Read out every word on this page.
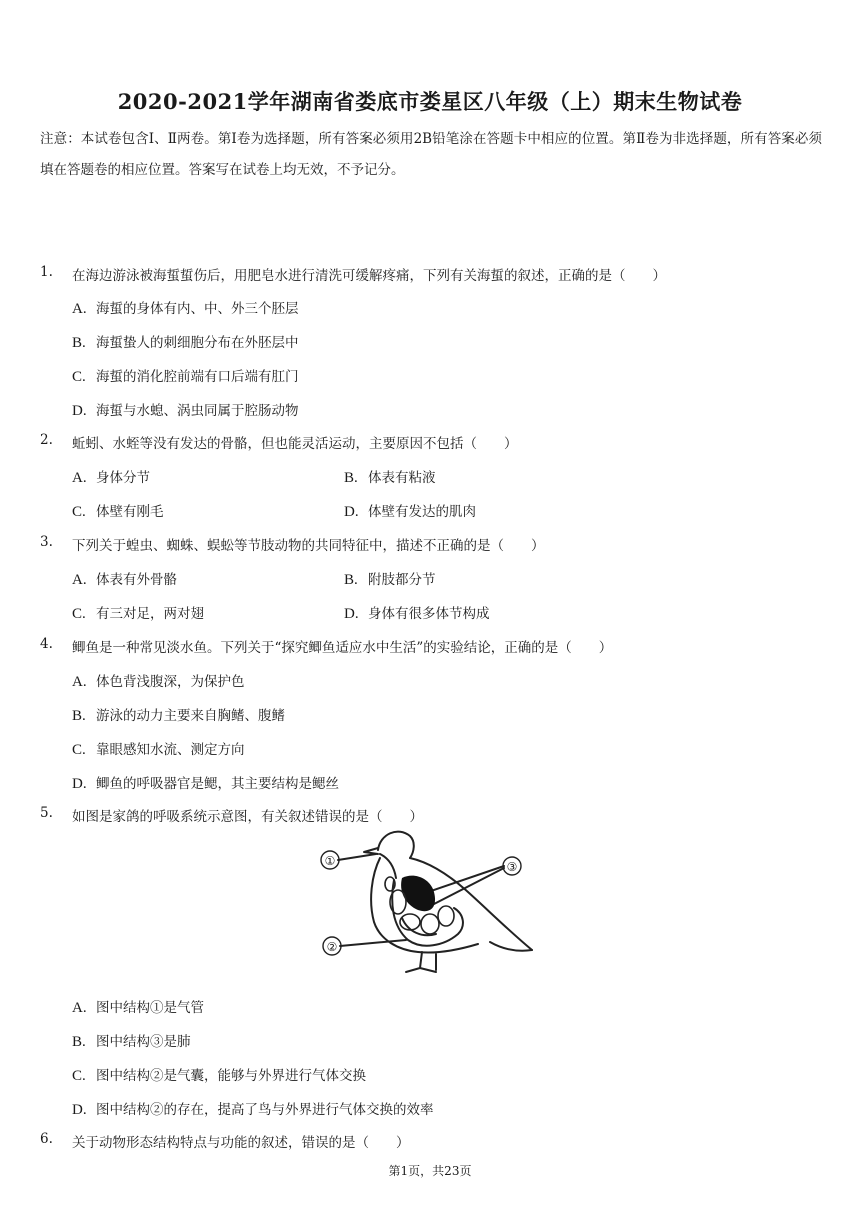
2020-2021学年湖南省娄底市娄星区八年级（上）期末生物试卷
注意：本试卷包含Ⅰ、Ⅱ两卷。第Ⅰ卷为选择题，所有答案必须用2B铅笔涂在答题卡中相应的位置。第Ⅱ卷为非选择题，所有答案必须填在答题卷的相应位置。答案写在试卷上均无效，不予记分。
1. 在海边游泳被海蜇蜇伤后，用肥皂水进行清洗可缓解疼痛，下列有关海蜇的叙述，正确的是（　　）
A. 海蜇的身体有内、中、外三个胚层
B. 海蜇蛰人的刺细胞分布在外胚层中
C. 海蜇的消化腔前端有口后端有肛门
D. 海蜇与水螅、涡虫同属于腔肠动物
2. 蚯蚓、水蛭等没有发达的骨骼，但也能灵活运动，主要原因不包括（　　）
A. 身体分节	B. 体表有粘液
C. 体壁有刚毛	D. 体壁有发达的肌肉
3. 下列关于蝗虫、蜘蛛、蜈蚣等节肢动物的共同特征中，描述不正确的是（　　）
A. 体表有外骨骼	B. 附肢都分节
C. 有三对足，两对翅	D. 身体有很多体节构成
4. 鲫鱼是一种常见淡水鱼。下列关于“探究鲫鱼适应水中生活”的实验结论，正确的是（　　）
A. 体色背浅腹深，为保护色
B. 游泳的动力主要来自胸鳍、腹鳍
C. 靠眼感知水流、测定方向
D. 鲫鱼的呼吸器官是鳃，其主要结构是鳃丝
5. 如图是家鸽的呼吸系统示意图，有关叙述错误的是（　　）
①
②
③
A. 图中结构①是气管
B. 图中结构③是肺
C. 图中结构②是气囊，能够与外界进行气体交换
D. 图中结构②的存在，提高了鸟与外界进行气体交换的效率
6. 关于动物形态结构特点与功能的叙述，错误的是（　　）
第1页，共23页
